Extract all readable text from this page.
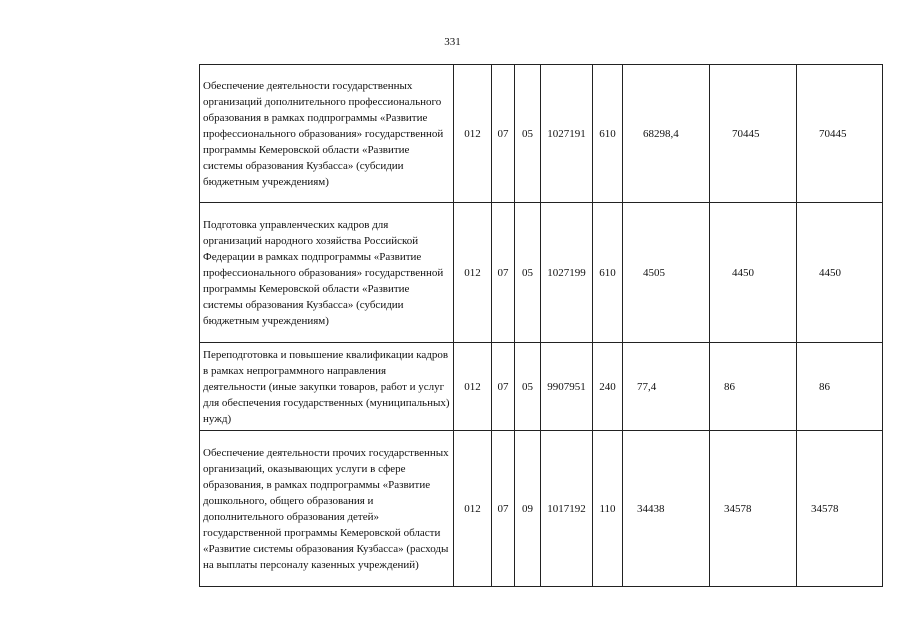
331
Обеспечение деятельности государственных организаций дополнительного профессионального образования в рамках подпрограммы «Развитие профессионального образования» государственной программы Кемеровской области «Развитие системы образования Кузбасса» (субсидии бюджетным учреждениям)	012	07	05	1027191	610	68298,4	70445	70445
Подготовка управленческих кадров для организаций народного хозяйства Российской Федерации в рамках подпрограммы «Развитие профессионального образования» государственной программы Кемеровской области «Развитие системы образования Кузбасса» (субсидии бюджетным учреждениям)	012	07	05	1027199	610	4505	4450	4450
Переподготовка и повышение квалификации кадров в рамках непрограммного направления деятельности (иные закупки товаров, работ и услуг для обеспечения государственных (муниципальных) нужд)	012	07	05	9907951	240	77,4	86	86
Обеспечение деятельности прочих государственных организаций, оказывающих услуги в сфере образования, в рамках подпрограммы «Развитие дошкольного, общего образования и дополнительного образования детей» государственной программы Кемеровской области «Развитие системы образования Кузбасса» (расходы на выплаты персоналу казенных учреждений)	012	07	09	1017192	110	34438	34578	34578
